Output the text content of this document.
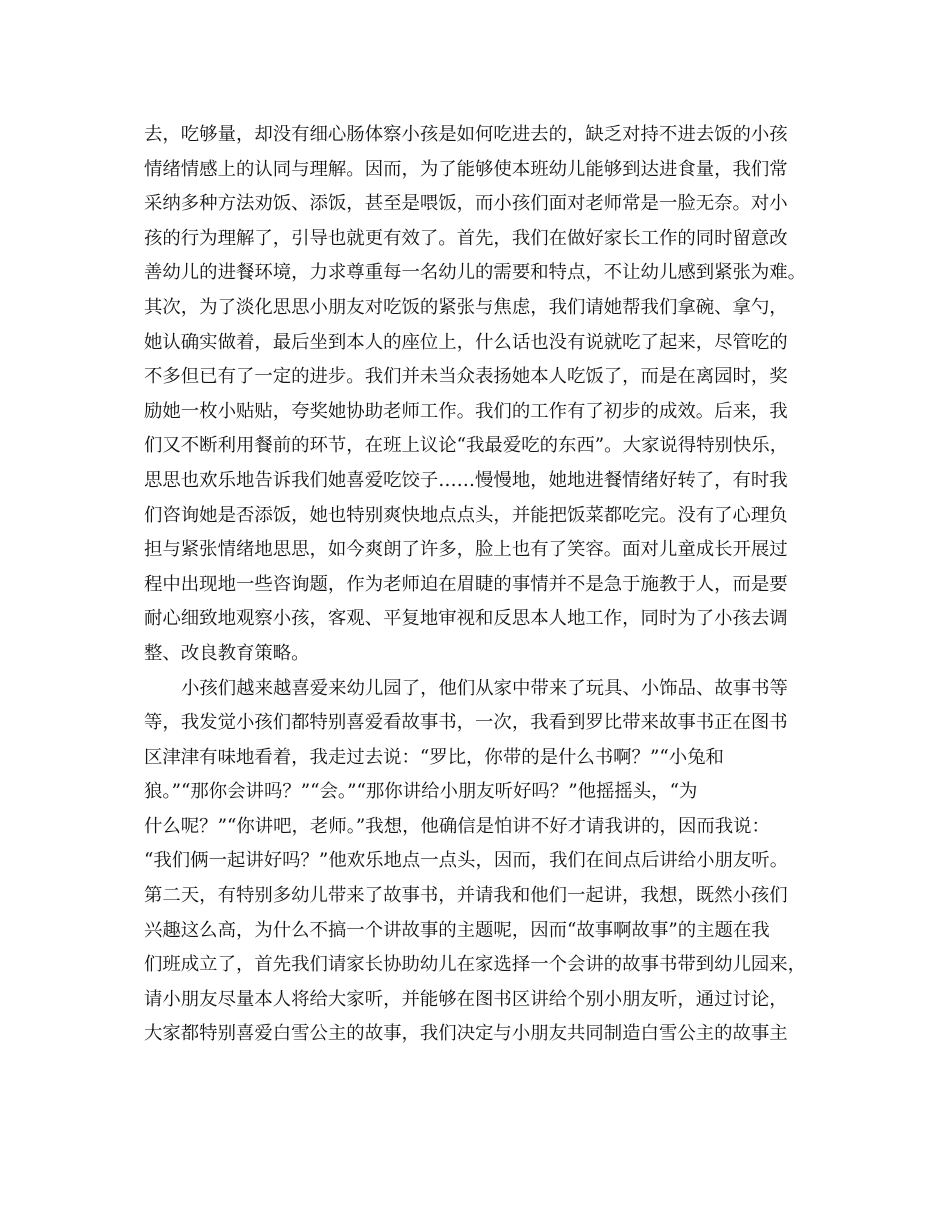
去，吃够量，却没有细心肠体察小孩是如何吃进去的，缺乏对持不进去饭的小孩
情绪情感上的认同与理解。因而，为了能够使本班幼儿能够到达进食量，我们常
采纳多种方法劝饭、添饭，甚至是喂饭，而小孩们面对老师常是一脸无奈。对小
孩的行为理解了，引导也就更有效了。首先，我们在做好家长工作的同时留意改
善幼儿的进餐环境，力求尊重每一名幼儿的需要和特点，不让幼儿感到紧张为难。
其次，为了淡化思思小朋友对吃饭的紧张与焦虑，我们请她帮我们拿碗、拿勺，
她认确实做着，最后坐到本人的座位上，什么话也没有说就吃了起来，尽管吃的
不多但已有了一定的进步。我们并未当众表扬她本人吃饭了，而是在离园时，奖
励她一枚小贴贴，夸奖她协助老师工作。我们的工作有了初步的成效。后来，我
们又不断利用餐前的环节，在班上议论“我最爱吃的东西”。大家说得特别快乐，
思思也欢乐地告诉我们她喜爱吃饺子……慢慢地，她地进餐情绪好转了，有时我
们咨询她是否添饭，她也特别爽快地点点头，并能把饭菜都吃完。没有了心理负
担与紧张情绪地思思，如今爽朗了许多，脸上也有了笑容。面对儿童成长开展过
程中出现地一些咨询题，作为老师迫在眉睫的事情并不是急于施教于人，而是要
耐心细致地观察小孩，客观、平复地审视和反思本人地工作，同时为了小孩去调
整、改良教育策略。
小孩们越来越喜爱来幼儿园了，他们从家中带来了玩具、小饰品、故事书等
等，我发觉小孩们都特别喜爱看故事书，一次，我看到罗比带来故事书正在图书
区津津有味地看着，我走过去说：“罗比，你带的是什么书啊？”“小兔和
狼。”“那你会讲吗？”“会。”“那你讲给小朋友听好吗？”他摇摇头，“为
什么呢？”“你讲吧，老师。”我想，他确信是怕讲不好才请我讲的，因而我说：
“我们俩一起讲好吗？”他欢乐地点一点头，因而，我们在间点后讲给小朋友听。
第二天，有特别多幼儿带来了故事书，并请我和他们一起讲，我想，既然小孩们
兴趣这么高，为什么不搞一个讲故事的主题呢，因而“故事啊故事”的主题在我
们班成立了，首先我们请家长协助幼儿在家选择一个会讲的故事书带到幼儿园来，
请小朋友尽量本人将给大家听，并能够在图书区讲给个别小朋友听，通过讨论，
大家都特别喜爱白雪公主的故事，我们决定与小朋友共同制造白雪公主的故事主
